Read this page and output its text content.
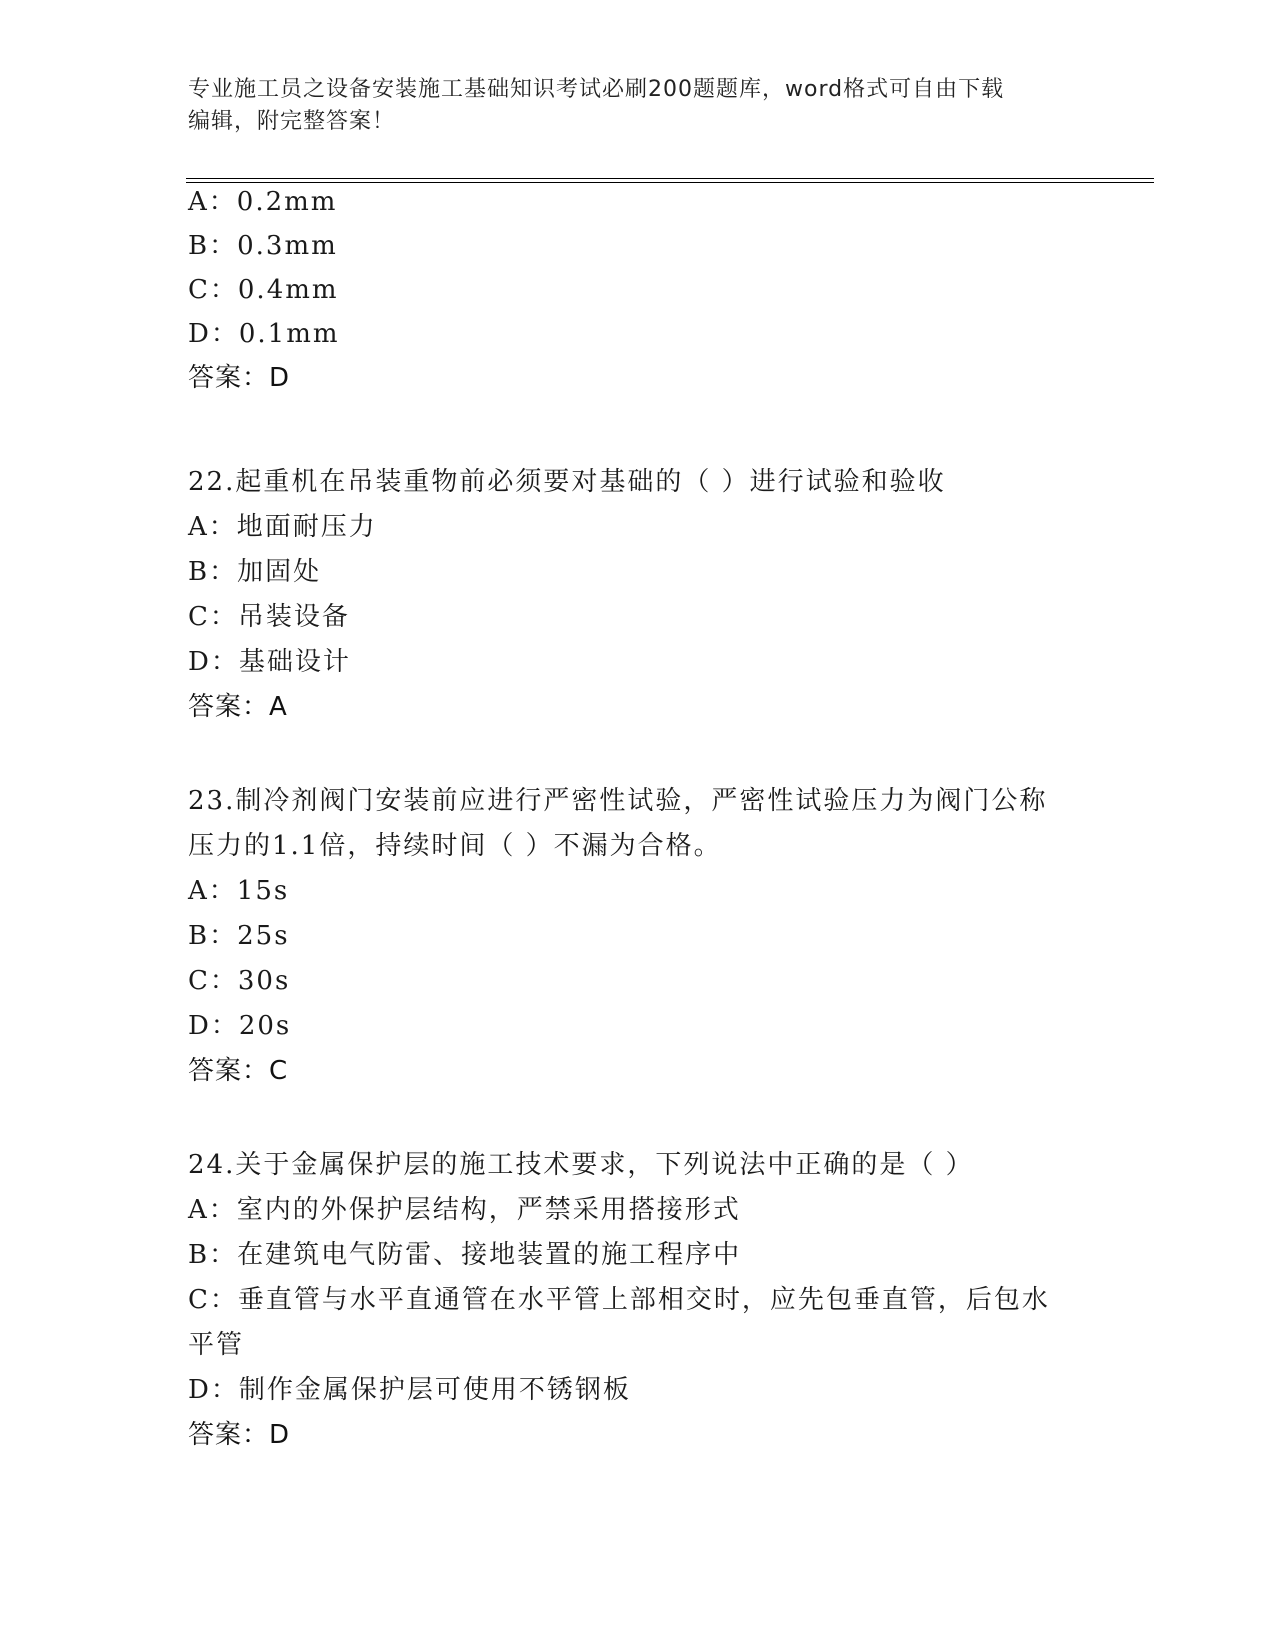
专业施工员之设备安装施工基础知识考试必刷200题题库，word格式可自由下载
编辑，附完整答案！
A：0.2mm
B：0.3mm
C：0.4mm
D：0.1mm
答案：D
22.起重机在吊装重物前必须要对基础的（ ）进行试验和验收
A：地面耐压力
B：加固处
C：吊装设备
D：基础设计
答案：A
23.制冷剂阀门安装前应进行严密性试验，严密性试验压力为阀门公称
压力的1.1倍，持续时间（ ）不漏为合格。
A：15s
B：25s
C：30s
D：20s
答案：C
24.关于金属保护层的施工技术要求，下列说法中正确的是（ ）
A：室内的外保护层结构，严禁采用搭接形式
B：在建筑电气防雷、接地装置的施工程序中
C：垂直管与水平直通管在水平管上部相交时，应先包垂直管，后包水
平管
D：制作金属保护层可使用不锈钢板
答案：D
